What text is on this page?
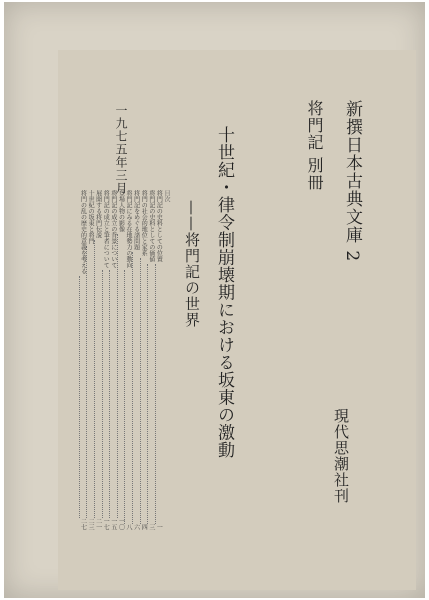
新撰日本古典文庫 2
将門記 別冊
十世紀・律令制崩壊期における坂東の激動
——将門記の世界
一九七五年三月
現代思潮社刊
目次
将門記の史料としての位置
一
将門記の史料としての価値
三
将門の社会的地位と家系
四
将門記をめぐる諸問題
六
将門記にみる在地勢力の動向
八
登場人物の影像
一〇
将門記の成立の背景について
一五
将門記の成立と筆者について
一七
展開する将門伝説
二一
十世紀の坂東と将門
二三
将門の乱の歴史的意義を考える
二七
